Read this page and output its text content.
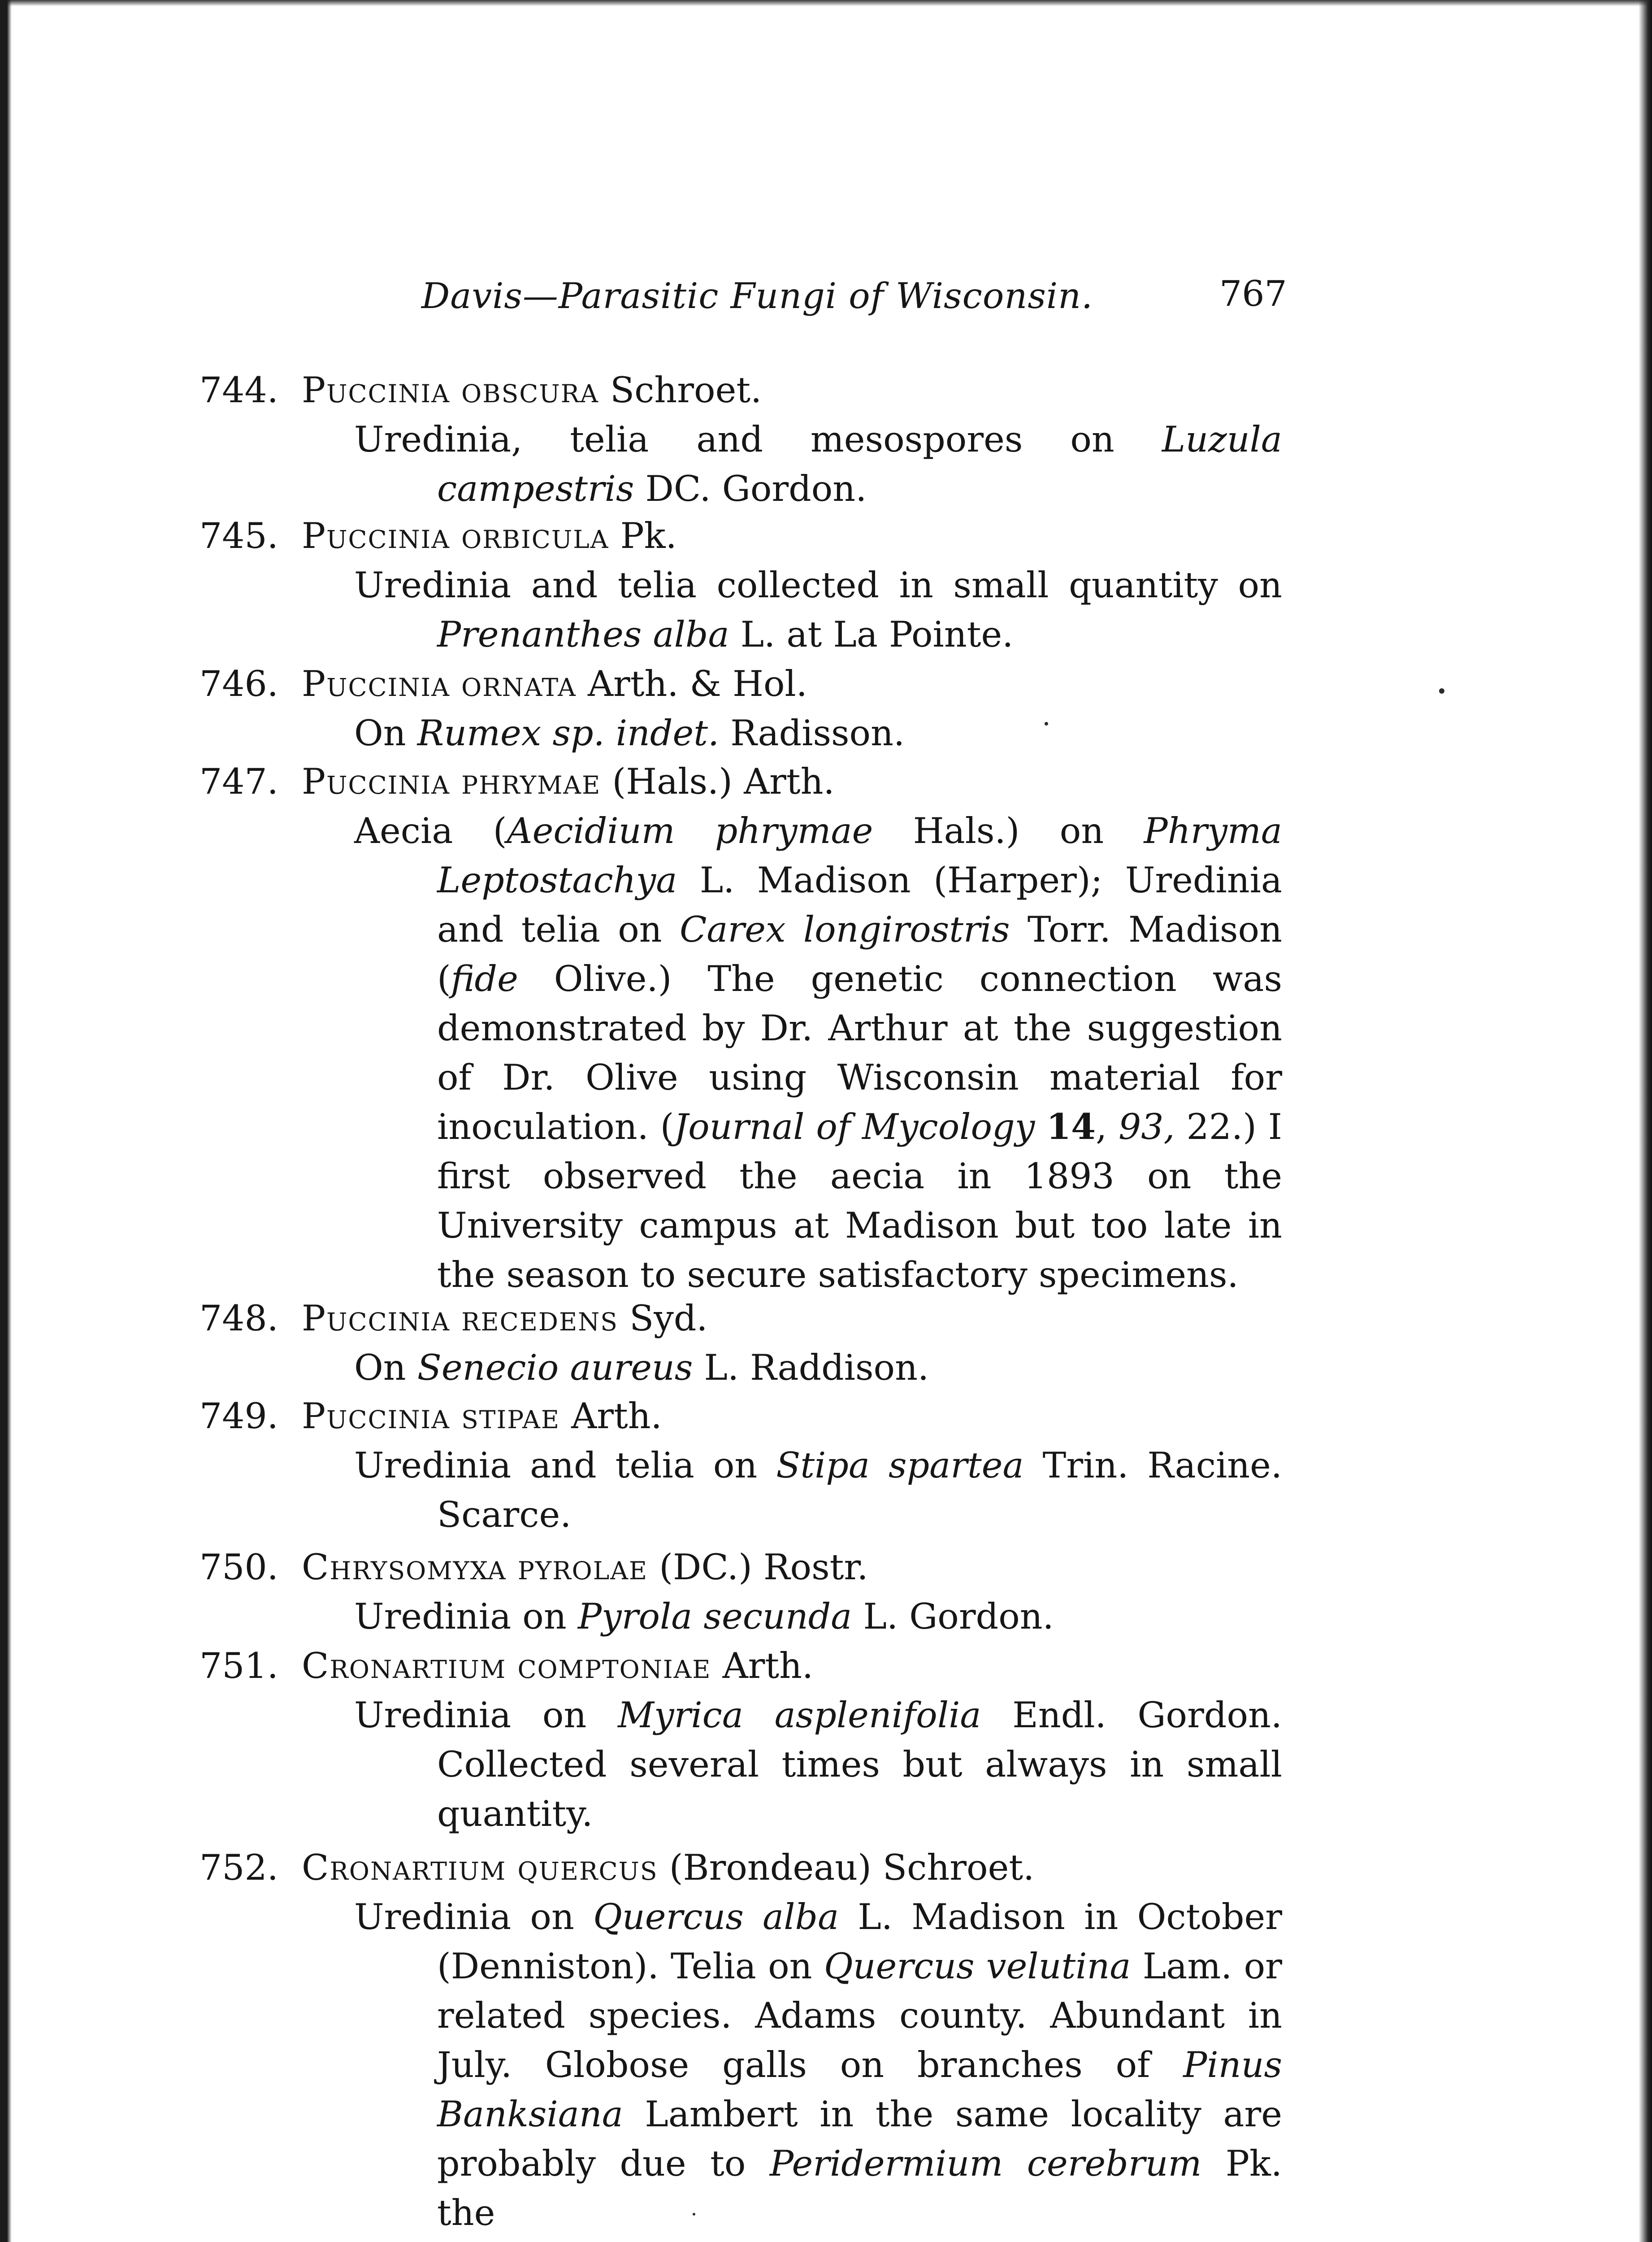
Davis—Parasitic Fungi of Wisconsin.	767
744. Puccinia obscura Schroet.

Uredinia, telia and mesospores on Luzula campestris DC. Gordon.

745. Puccinia orbicula Pk.

Uredinia and telia collected in small quantity on Prenanthes alba L. at La Pointe.

746. Puccinia ornata Arth. & Hol.

On Rumex sp. indet. Radisson.

747. Puccinia phrymae (Hals.) Arth.

Aecia (Aecidium phrymae Hals.) on Phryma Leptostachya L. Madison (Harper); Uredinia and telia on Carex longirostris Torr. Madison (fide Olive.) The genetic connection was demonstrated by Dr. Arthur at the suggestion of Dr. Olive using Wisconsin material for inoculation. (Journal of Mycology 14, 93, 22.) I first observed the aecia in 1893 on the University campus at Madison but too late in the season to secure satisfactory specimens.

748. Puccinia recedens Syd.

On Senecio aureus L. Raddison.

749. Puccinia stipae Arth.

Uredinia and telia on Stipa spartea Trin. Racine. Scarce.

750. Chrysomyxa pyrolae (DC.) Rostr.

Uredinia on Pyrola secunda L. Gordon.

751. Cronartium comptoniae Arth.

Uredinia on Myrica asplenifolia Endl. Gordon. Collected several times but always in small quantity.

752. Cronartium quercus (Brondeau) Schroet.

Uredinia on Quercus alba L. Madison in October (Denniston). Telia on Quercus velutina Lam. or related species. Adams county. Abundant in July. Globose galls on branches of Pinus Banksiana Lambert in the same locality are probably due to Peridermium cerebrum Pk. the
